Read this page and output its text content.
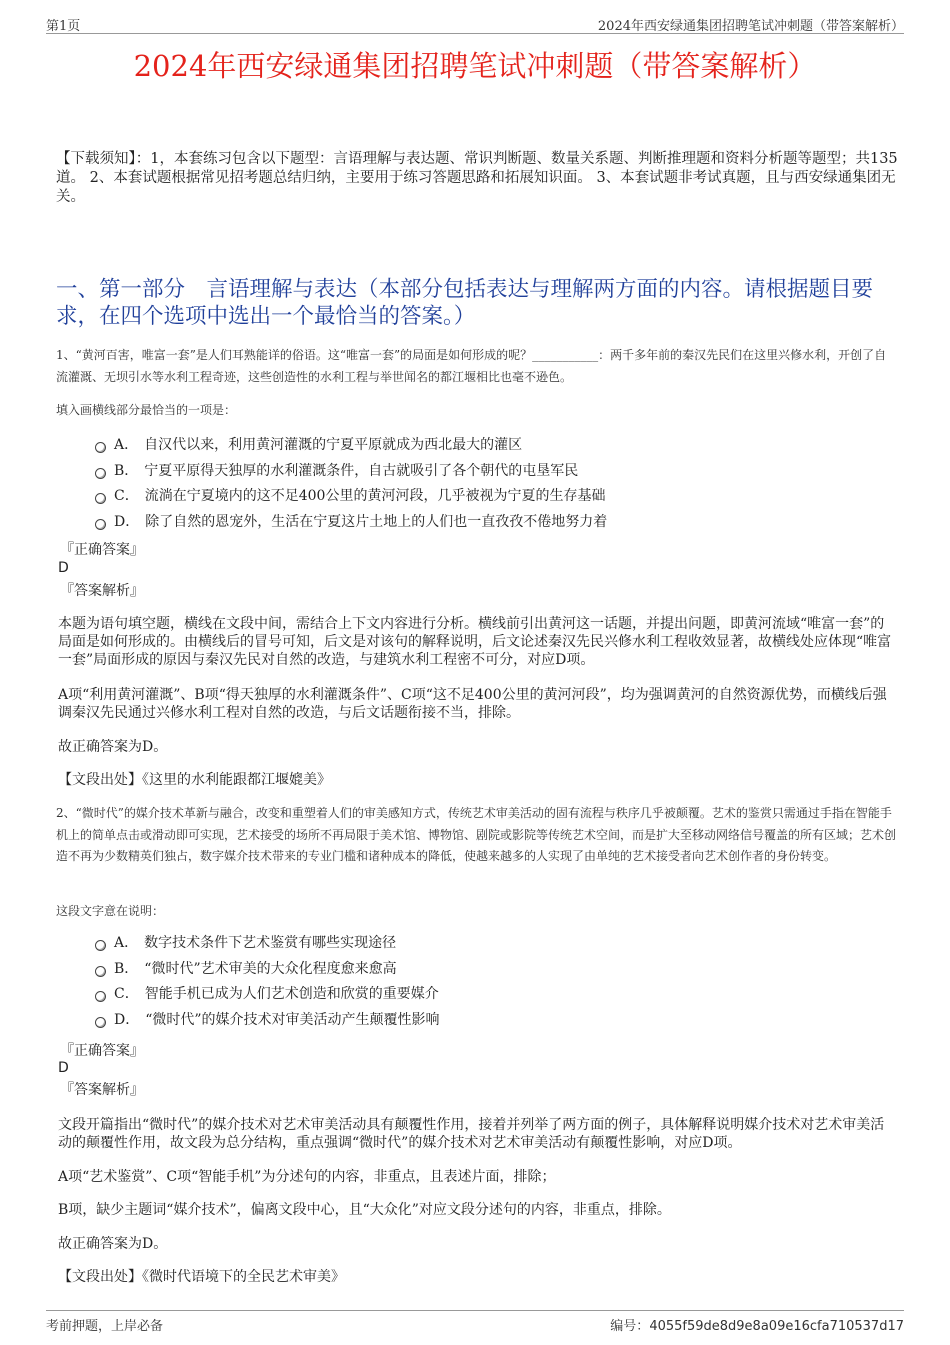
第1页	2024年西安绿通集团招聘笔试冲刺题（带答案解析）
2024年西安绿通集团招聘笔试冲刺题（带答案解析）
【下载须知】：1，本套练习包含以下题型：言语理解与表达题、常识判断题、数量关系题、判断推理题和资料分析题等题型；共135道。 2、本套试题根据常见招考题总结归纳，主要用于练习答题思路和拓展知识面。 3、本套试题非考试真题，且与西安绿通集团无关。
一、第一部分　言语理解与表达（本部分包括表达与理解两方面的内容。请根据题目要求，在四个选项中选出一个最恰当的答案。）
1、“黄河百害，唯富一套”是人们耳熟能详的俗语。这“唯富一套”的局面是如何形成的呢？___________：两千多年前的秦汉先民们在这里兴修水利，开创了自流灌溉、无坝引水等水利工程奇迹，这些创造性的水利工程与举世闻名的都江堰相比也毫不逊色。
填入画横线部分最恰当的一项是：
A． 自汉代以来，利用黄河灌溉的宁夏平原就成为西北最大的灌区
B． 宁夏平原得天独厚的水利灌溉条件，自古就吸引了各个朝代的屯垦军民
C． 流淌在宁夏境内的这不足400公里的黄河河段，几乎被视为宁夏的生存基础
D． 除了自然的恩宠外，生活在宁夏这片土地上的人们也一直孜孜不倦地努力着
『正确答案』
D
『答案解析』
本题为语句填空题，横线在文段中间，需结合上下文内容进行分析。横线前引出黄河这一话题，并提出问题，即黄河流域“唯富一套”的局面是如何形成的。由横线后的冒号可知，后文是对该句的解释说明，后文论述秦汉先民兴修水利工程收效显著，故横线处应体现“唯富一套”局面形成的原因与秦汉先民对自然的改造，与建筑水利工程密不可分，对应D项。
A项“利用黄河灌溉”、B项“得天独厚的水利灌溉条件”、C项“这不足400公里的黄河河段”，均为强调黄河的自然资源优势，而横线后强调秦汉先民通过兴修水利工程对自然的改造，与后文话题衔接不当，排除。
故正确答案为D。
【文段出处】《这里的水利能跟都江堰媲美》
2、“微时代”的媒介技术革新与融合，改变和重塑着人们的审美感知方式，传统艺术审美活动的固有流程与秩序几乎被颠覆。艺术的鉴赏只需通过手指在智能手机上的简单点击或滑动即可实现，艺术接受的场所不再局限于美术馆、博物馆、剧院或影院等传统艺术空间，而是扩大至移动网络信号覆盖的所有区域；艺术创造不再为少数精英们独占，数字媒介技术带来的专业门槛和诸种成本的降低，使越来越多的人实现了由单纯的艺术接受者向艺术创作者的身份转变。
这段文字意在说明：
A． 数字技术条件下艺术鉴赏有哪些实现途径
B． “微时代”艺术审美的大众化程度愈来愈高
C． 智能手机已成为人们艺术创造和欣赏的重要媒介
D． “微时代”的媒介技术对审美活动产生颠覆性影响
『正确答案』
D
『答案解析』
文段开篇指出“微时代”的媒介技术对艺术审美活动具有颠覆性作用，接着并列举了两方面的例子，具体解释说明媒介技术对艺术审美活动的颠覆性作用，故文段为总分结构，重点强调“微时代”的媒介技术对艺术审美活动有颠覆性影响，对应D项。
A项“艺术鉴赏”、C项“智能手机”为分述句的内容，非重点，且表述片面，排除；
B项，缺少主题词“媒介技术”，偏离文段中心，且“大众化”对应文段分述句的内容，非重点，排除。
故正确答案为D。
【文段出处】《微时代语境下的全民艺术审美》
考前押题，上岸必备	编号：4055f59de8d9e8a09e16cfa710537d17
